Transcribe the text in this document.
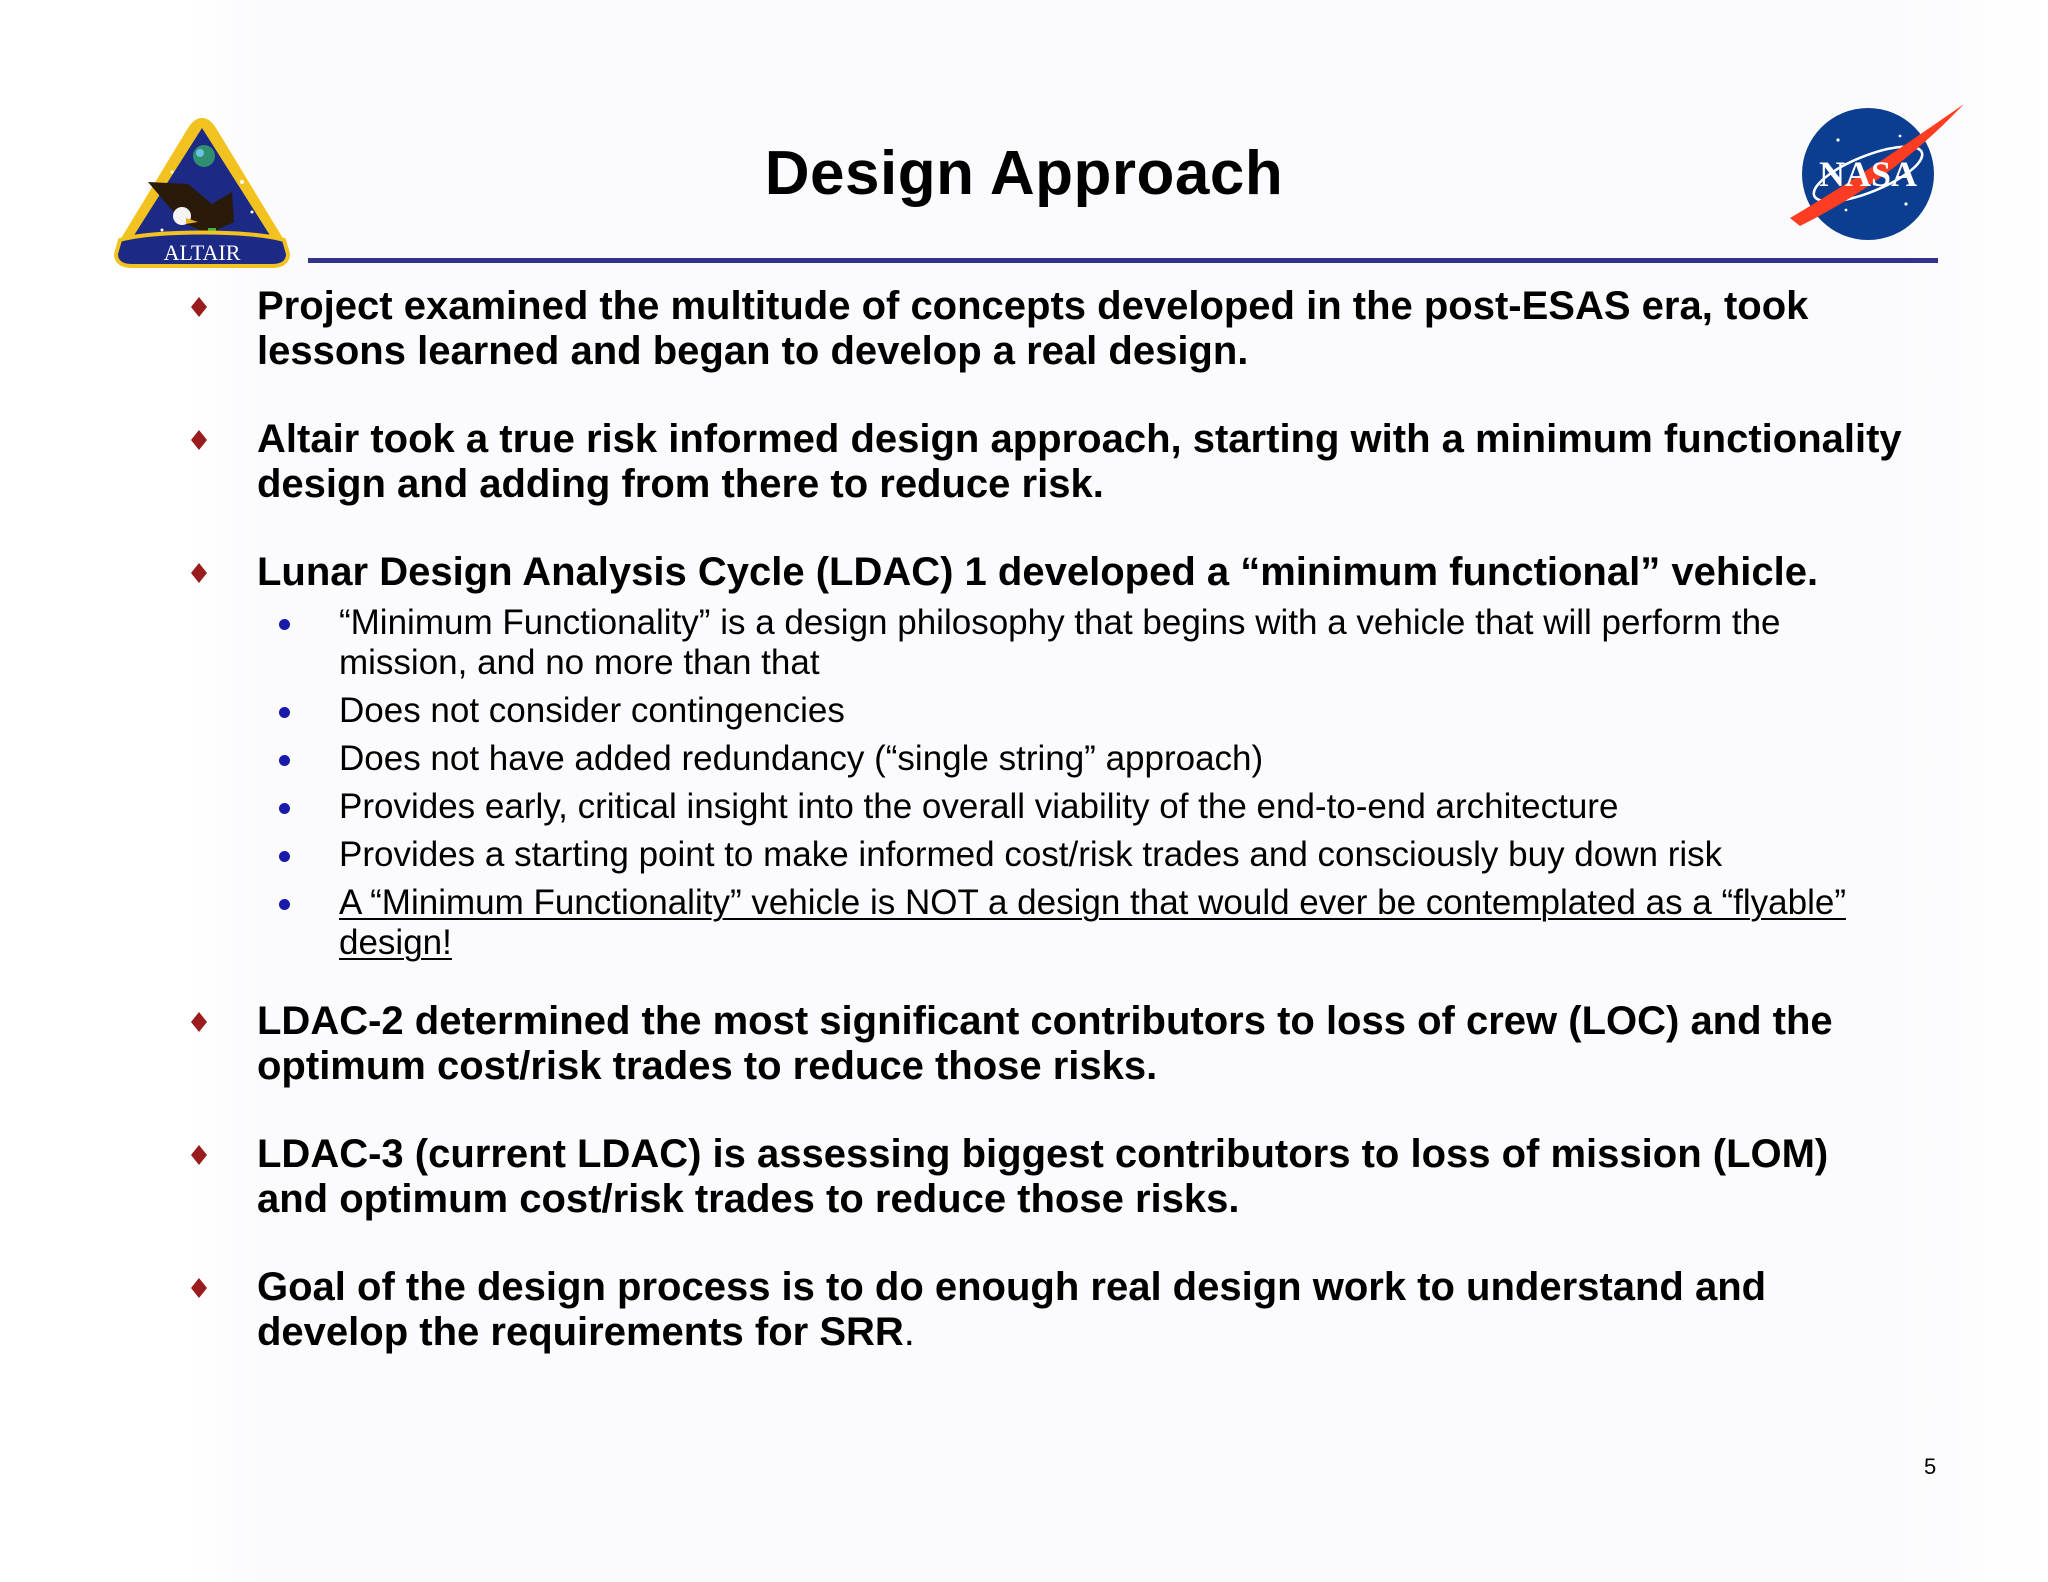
ALTAIR
Design Approach	NASA
Project examined the multitude of concepts developed in the post-ESAS era, took lessons learned and began to develop a real design.
Altair took a true risk informed design approach, starting with a minimum functionality design and adding from there to reduce risk.
Lunar Design Analysis Cycle (LDAC) 1 developed a “minimum functional” vehicle.
“Minimum Functionality” is a design philosophy that begins with a vehicle that will perform the mission, and no more than that
Does not consider contingencies
Does not have added redundancy (“single string” approach)
Provides early, critical insight into the overall viability of the end-to-end architecture
Provides a starting point to make informed cost/risk trades and consciously buy down risk
A “Minimum Functionality” vehicle is NOT a design that would ever be contemplated as a “flyable” design!
LDAC-2 determined the most significant contributors to loss of crew (LOC) and the optimum cost/risk trades to reduce those risks.
LDAC-3 (current LDAC) is assessing biggest contributors to loss of mission (LOM) and optimum cost/risk trades to reduce those risks.
Goal of the design process is to do enough real design work to understand and develop the requirements for SRR.
5
